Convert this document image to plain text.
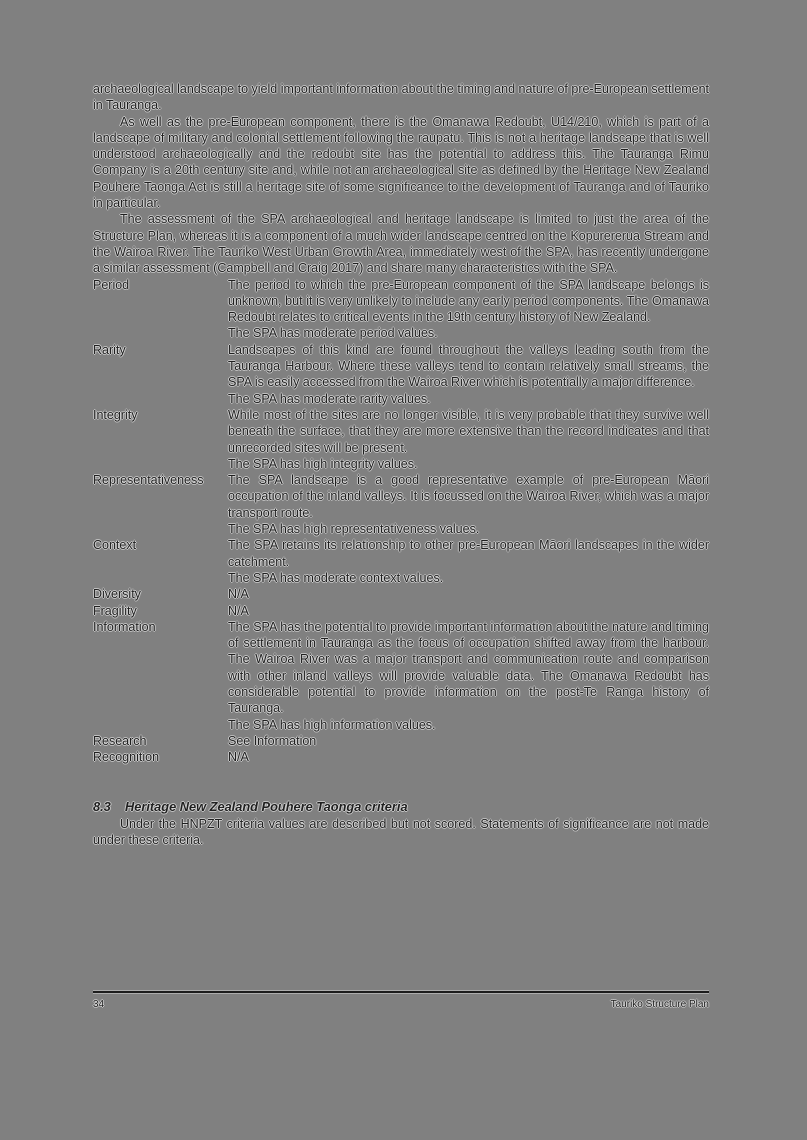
archaeological landscape to yield important information about the timing and nature of pre-European settlement in Tauranga.

As well as the pre-European component, there is the Omanawa Redoubt, U14/210, which is part of a landscape of military and colonial settlement following the raupatu. This is not a heritage landscape that is well understood archaeologically and the redoubt site has the potential to address this. The Tauranga Rimu Company is a 20th century site and, while not an archaeological site as defined by the Heritage New Zealand Pouhere Taonga Act is still a heritage site of some significance to the development of Tauranga and of Tauriko in particular.

The assessment of the SPA archaeological and heritage landscape is limited to just the area of the Structure Plan, whereas it is a component of a much wider landscape centred on the Kopurererua Stream and the Wairoa River. The Tauriko West Urban Growth Area, immediately west of the SPA, has recently undergone a similar assessment (Campbell and Craig 2017) and share many characteristics with the SPA.

Period	The period to which the pre-European component of the SPA landscape belongs is unknown, but it is very unlikely to include any early period components. The Omanawa Redoubt relates to critical events in the 19th century history of New Zealand.
The SPA has moderate period values.
Rarity	Landscapes of this kind are found throughout the valleys leading south from the Tauranga Harbour. Where these valleys tend to contain relatively small streams, the SPA is easily accessed from the Wairoa River which is potentially a major difference.
The SPA has moderate rarity values.
Integrity	While most of the sites are no longer visible, it is very probable that they survive well beneath the surface, that they are more extensive than the record indicates and that unrecorded sites will be present.
The SPA has high integrity values.
Representativeness	The SPA landscape is a good representative example of pre-European Māori occupation of the inland valleys. It is focussed on the Wairoa River, which was a major transport route.
The SPA has high representativeness values.
Context	The SPA retains its relationship to other pre-European Māori landscapes in the wider catchment.
The SPA has moderate context values.
Diversity	N/A
Fragility	N/A
Information	The SPA has the potential to provide important information about the nature and timing of settlement in Tauranga as the focus of occupation shifted away from the harbour. The Wairoa River was a major transport and communication route and comparison with other inland valleys will provide valuable data. The Omanawa Redoubt has considerable potential to provide information on the post-Te Ranga history of Tauranga.
The SPA has high information values.
Research	See Information
Recognition	N/A
8.3 Heritage New Zealand Pouhere Taonga criteria

Under the HNPZT criteria values are described but not scored. Statements of significance are not made under these criteria.

34	Tauriko Structure Plan
